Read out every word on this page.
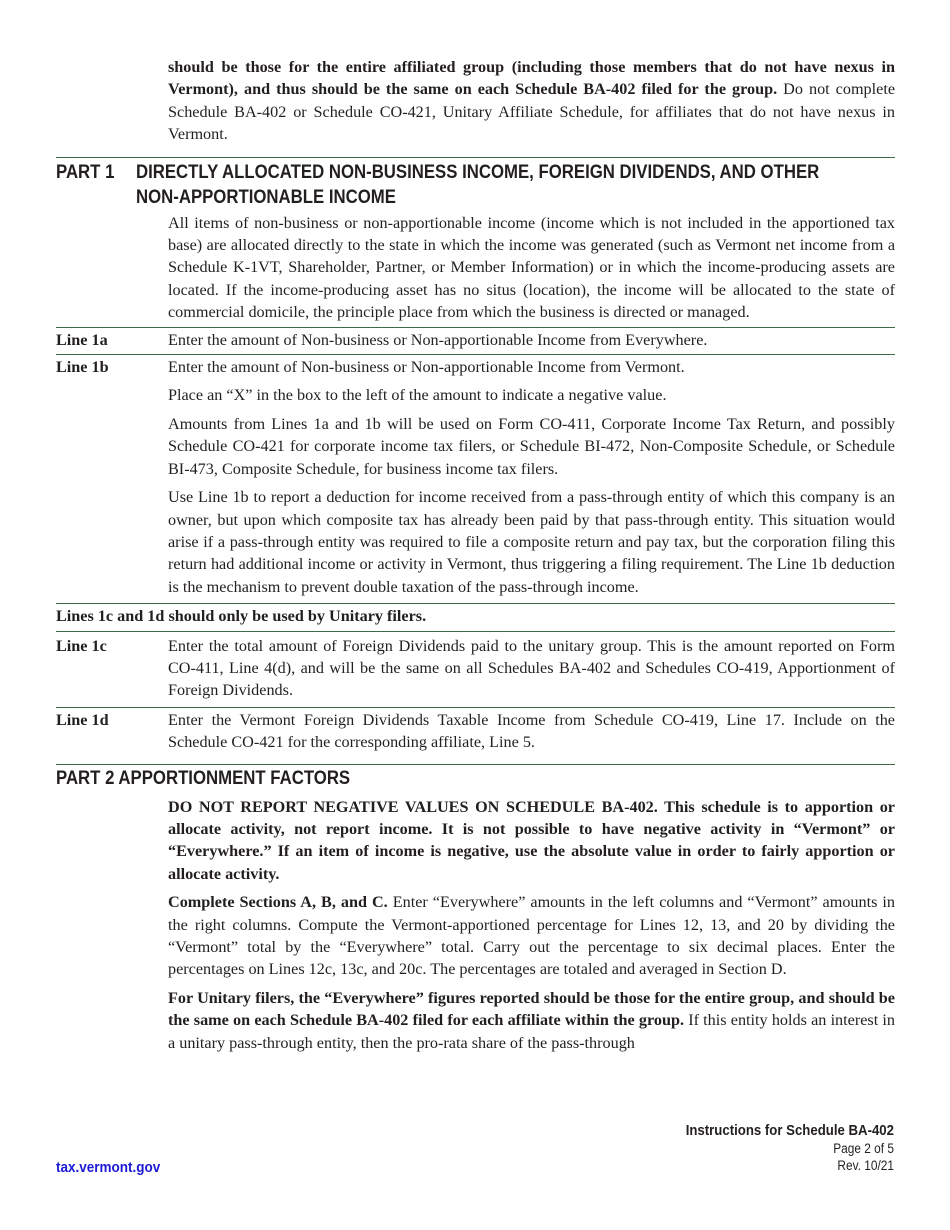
should be those for the entire affiliated group (including those members that do not have nexus in Vermont), and thus should be the same on each Schedule BA-402 filed for the group. Do not complete Schedule BA-402 or Schedule CO-421, Unitary Affiliate Schedule, for affiliates that do not have nexus in Vermont.

PART 1	DIRECTLY ALLOCATED NON-BUSINESS INCOME, FOREIGN DIVIDENDS, AND OTHER
NON-APPORTIONABLE INCOME

All items of non-business or non-apportionable income (income which is not included in the apportioned tax base) are allocated directly to the state in which the income was generated (such as Vermont net income from a Schedule K-1VT, Shareholder, Partner, or Member Information) or in which the income-producing assets are located. If the income-producing asset has no situs (location), the income will be allocated to the state of commercial domicile, the principle place from which the business is directed or managed.

Line 1a	Enter the amount of Non-business or Non-apportionable Income from Everywhere.

Line 1b	Enter the amount of Non-business or Non-apportionable Income from Vermont.

Place an “X” in the box to the left of the amount to indicate a negative value.

Amounts from Lines 1a and 1b will be used on Form CO-411, Corporate Income Tax Return, and possibly Schedule CO-421 for corporate income tax filers, or Schedule BI-472, Non-Composite Schedule, or Schedule BI-473, Composite Schedule, for business income tax filers.

Use Line 1b to report a deduction for income received from a pass-through entity of which this company is an owner, but upon which composite tax has already been paid by that pass-through entity. This situation would arise if a pass-through entity was required to file a composite return and pay tax, but the corporation filing this return had additional income or activity in Vermont, thus triggering a filing requirement. The Line 1b deduction is the mechanism to prevent double taxation of the pass-through income.

Lines 1c and 1d should only be used by Unitary filers.

Line 1c	Enter the total amount of Foreign Dividends paid to the unitary group. This is the amount reported on Form CO-411, Line 4(d), and will be the same on all Schedules BA-402 and Schedules CO-419, Apportionment of Foreign Dividends.

Line 1d	Enter the Vermont Foreign Dividends Taxable Income from Schedule CO-419, Line 17. Include on the Schedule CO-421 for the corresponding affiliate, Line 5.

PART 2 APPORTIONMENT FACTORS

DO NOT REPORT NEGATIVE VALUES ON SCHEDULE BA-402. This schedule is to apportion or allocate activity, not report income. It is not possible to have negative activity in “Vermont” or “Everywhere.” If an item of income is negative, use the absolute value in order to fairly apportion or allocate activity.

Complete Sections A, B, and C. Enter “Everywhere” amounts in the left columns and “Vermont” amounts in the right columns. Compute the Vermont-apportioned percentage for Lines 12, 13, and 20 by dividing the “Vermont” total by the “Everywhere” total. Carry out the percentage to six decimal places. Enter the percentages on Lines 12c, 13c, and 20c. The percentages are totaled and averaged in Section D.

For Unitary filers, the “Everywhere” figures reported should be those for the entire group, and should be the same on each Schedule BA-402 filed for each affiliate within the group. If this entity holds an interest in a unitary pass-through entity, then the pro-rata share of the pass-through

Instructions for Schedule BA-402
Page 2 of 5
Rev. 10/21
tax.vermont.gov
